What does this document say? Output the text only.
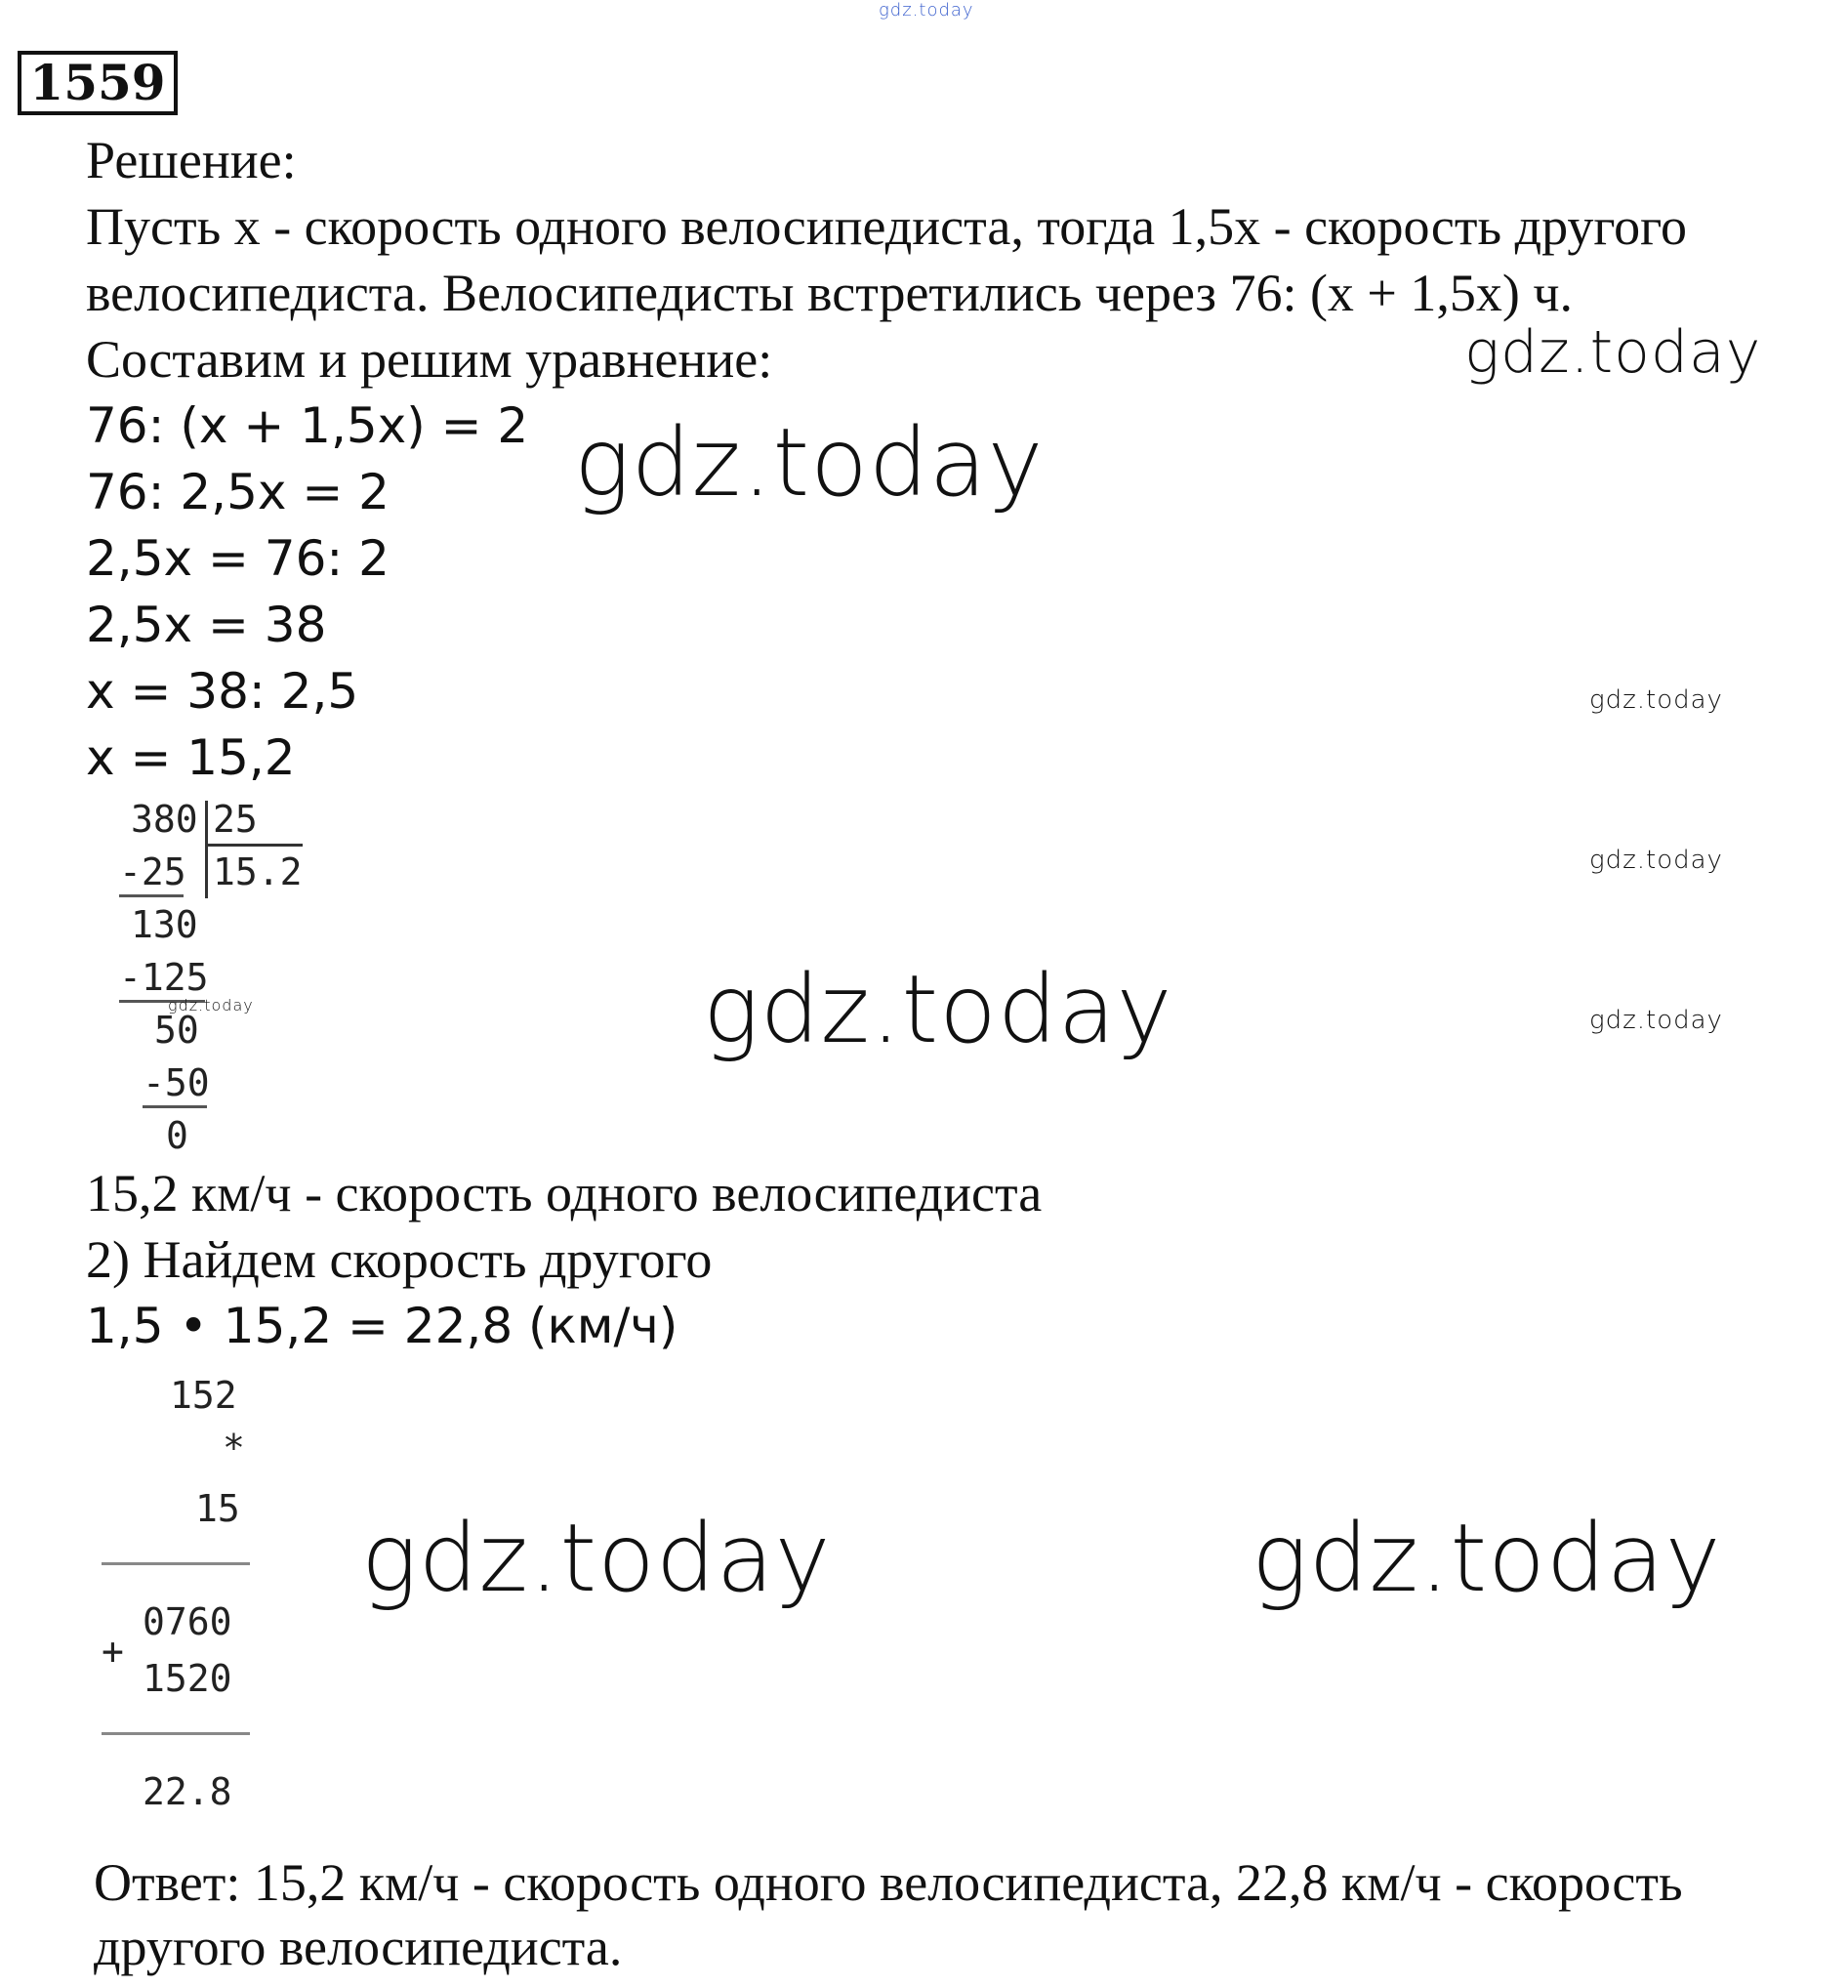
gdz.today
1559
Решение:
Пусть x - скорость одного велосипедиста, тогда 1,5x - скорость другого
велосипедиста. Велосипедисты встретились через 76: (x + 1,5x) ч.
Составим и решим уравнение:
76: (x + 1,5x) = 2
76: 2,5x = 2
2,5x = 76: 2
2,5x = 38
x = 38: 2,5
x = 15,2
380 25
-25 15.2
130
-125
50
-50
0
15,2 км/ч - скорость одного велосипедиста
2) Найдем скорость другого
1,5 • 15,2 = 22,8 (км/ч)
152
*
15
0760
+
1520
22.8
Ответ: 15,2 км/ч - скорость одного велосипедиста, 22,8 км/ч - скорость
другого велосипедиста.
gdz.today
gdz.today
gdz.today
gdz.today
gdz.today
gdz.today
gdz.today
gdz.today	gdz.today
